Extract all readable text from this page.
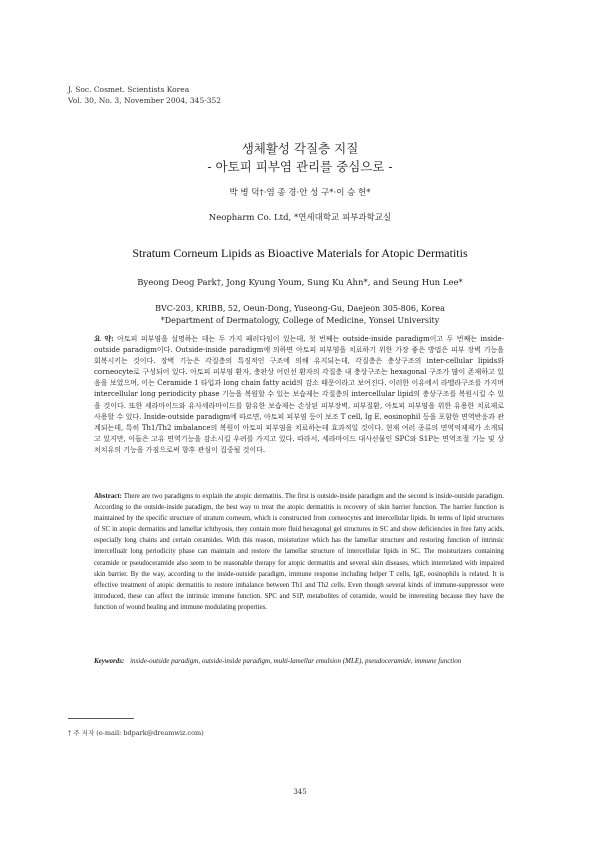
J. Soc. Cosmet. Scientists Korea
Vol. 30, No. 3, November 2004, 345-352
생체활성 각질층 지질
- 아토피 피부염 관리를 중심으로 -
박 병 덕†·염 종 경·안 성 구*·이 승 헌*
Neopharm Co. Ltd, *연세대학교 피부과학교실
Stratum Corneum Lipids as Bioactive Materials for Atopic Dermatitis
Byeong Deog Park†, Jong Kyung Youm, Sung Ku Ahn*, and Seung Hun Lee*
BVC-203, KRIBB, 52, Oeun-Dong, Yuseong-Gu, Daejeon 305-806, Korea
*Department of Dermatology, College of Medicine, Yonsei University
요 약: 아토피 피부염을 설명하는 데는 두 가지 패러다임이 있는데, 첫 번째는 outside-inside paradigm이고 두 번째는 inside-outside paradigm이다. Outside-inside paradigm에 의하면 아토피 피부염을 치료하기 위한 가장 좋은 방법은 피부 장벽 기능을 회복시키는 것이다. 장벽 기능은 각질층의 특징적인 구조에 의해 유지되는데, 각질층은 충상구조의 inter-cellular lipids와 corneocyte로 구성되어 있다. 아토피 피부염 환자, 충판상 어린선 환자의 각질층 내 충상구조는 hexagonal 구조가 많이 존재하고 있음을 보였으며, 이는 Ceramide 1 타입과 long chain fatty acid의 감소 때문이라고 보여진다. 이러한 이유에서 라멜라구조를 가지며 intercellular long periodicity phase 기능을 복원할 수 있는 보습제는 각질층의 intercellular lipid의 충상구조를 복원시킬 수 있을 것이다. 또한 세라마이드와 유사세라마이드를 함유한 보습제는 손상된 피부장벽, 피부질환, 아토피 피부염을 위한 유용한 치료제로 사용할 수 있다. Inside-outside paradigm에 따르면, 아토피 피부염 등이 보조 T cell, Ig E, eosinophil 등을 포함한 면역반응과 관계되는데, 특히 Th1/Th2 imbalance의 복원이 아토피 피부염을 치료하는데 효과적일 것이다. 현재 여러 종류의 면역억제제가 소개되고 있지만, 이들은 고유 면역기능을 감소시킬 우려를 가지고 있다. 따라서, 세라마이드 대사산물인 SPC와 S1P는 면역조절 기능 및 상처치유의 기능을 가짐으로써 향후 관심이 집중될 것이다.
Abstract: There are two paradigms to explain the atopic dermatitis. The first is outside-inside paradigm and the second is inside-outside paradigm. According to the outside-inside paradigm, the best way to treat the atopic dermatitis is recovery of skin barrier function. The barrier function is maintained by the specific structure of stratum corneum, which is constructed from corneocytes and intercellular lipids. In terms of lipid structures of SC in atopic dermatitis and lamellar ichthyosis, they contain more fluid hexagonal gel structures in SC and show deficiencies in free fatty acids, especially long chains and certain ceramides. With this reason, moisturizer which has the lamellar structure and restoring function of intrinsic intercellualr long periodicity phase can maintain and restore the lamellar structure of intercellular lipids in SC. The moisturizers containing ceramide or pseudoceramide also seem to be reasonable therapy for atopic dermatitis and several skin diseases, which interrelated with impaired skin barrier. By the way, according to the inside-outside paradigm, immune response including helper T cells, IgE, eosinophils is related. It is effective treatment of atopic dermatitis to restore imbalance between Th1 and Th2 cells. Even though several kinds of immune-suppressor were introduced, these can affect the intrinsic immune function. SPC and S1P, metabolites of ceramide, would be interesting because they have the function of wound healing and immune modulating properties.
Keywords: inside-outside paradigm, outside-inside paradigm, multi-lamellar emulsion (MLE), pseudoceramide, immune function
† 주 저자 (e-mail: bdpark@dreamwiz.com)
345
